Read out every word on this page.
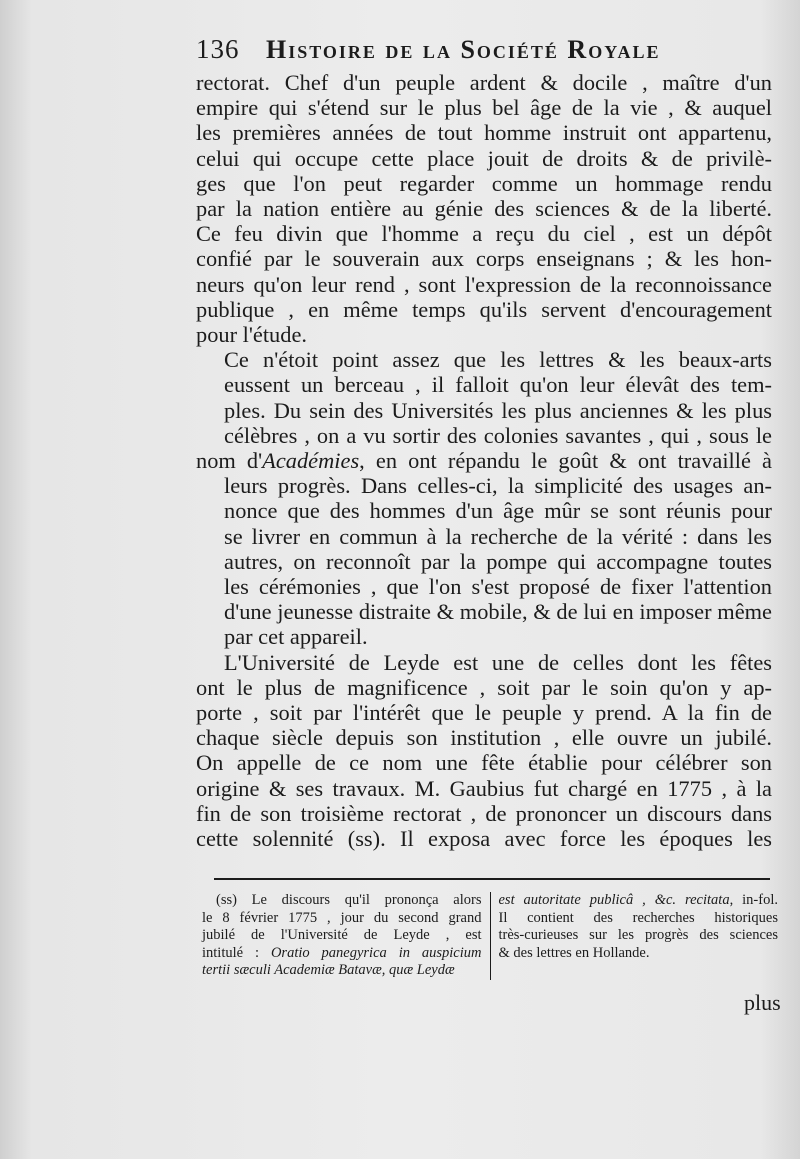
136	Histoire de la Société Royale

rectorat. Chef d'un peuple ardent & docile , maître d'un
empire qui s'étend sur le plus bel âge de la vie , & auquel
les premières années de tout homme instruit ont appartenu,
celui qui occupe cette place jouit de droits & de privilè-
ges que l'on peut regarder comme un hommage rendu
par la nation entière au génie des sciences & de la liberté.
Ce feu divin que l'homme a reçu du ciel , est un dépôt
confié par le souverain aux corps enseignans ; & les hon-
neurs qu'on leur rend , sont l'expression de la reconnoissance
publique , en même temps qu'ils servent d'encouragement
pour l'étude.

Ce n'étoit point assez que les lettres & les beaux-arts
eussent un berceau , il falloit qu'on leur élevât des tem-
ples. Du sein des Universités les plus anciennes & les plus
célèbres , on a vu sortir des colonies savantes , qui , sous le
nom d'Académies, en ont répandu le goût & ont travaillé à
leurs progrès. Dans celles-ci, la simplicité des usages an-
nonce que des hommes d'un âge mûr se sont réunis pour
se livrer en commun à la recherche de la vérité : dans les
autres, on reconnoît par la pompe qui accompagne toutes
les cérémonies , que l'on s'est proposé de fixer l'attention
d'une jeunesse distraite & mobile, & de lui en imposer même
par cet appareil.

L'Université de Leyde est une de celles dont les fêtes
ont le plus de magnificence , soit par le soin qu'on y ap-
porte , soit par l'intérêt que le peuple y prend. A la fin de
chaque siècle depuis son institution , elle ouvre un jubilé.
On appelle de ce nom une fête établie pour célébrer son
origine & ses travaux. M. Gaubius fut chargé en 1775 , à la
fin de son troisième rectorat , de prononcer un discours dans
cette solennité (ss). Il exposa avec force les époques les

(ss) Le discours qu'il prononça alors
le 8 février 1775 , jour du second grand
jubilé de l'Université de Leyde , est
intitulé : Oratio panegyrica in auspicium
tertii sæculi Academiæ Batavæ, quæ Leydæ
est autoritate publicâ , &c. recitata, in-fol.
Il contient des recherches historiques
très-curieuses sur les progrès des sciences
& des lettres en Hollande.
plus
